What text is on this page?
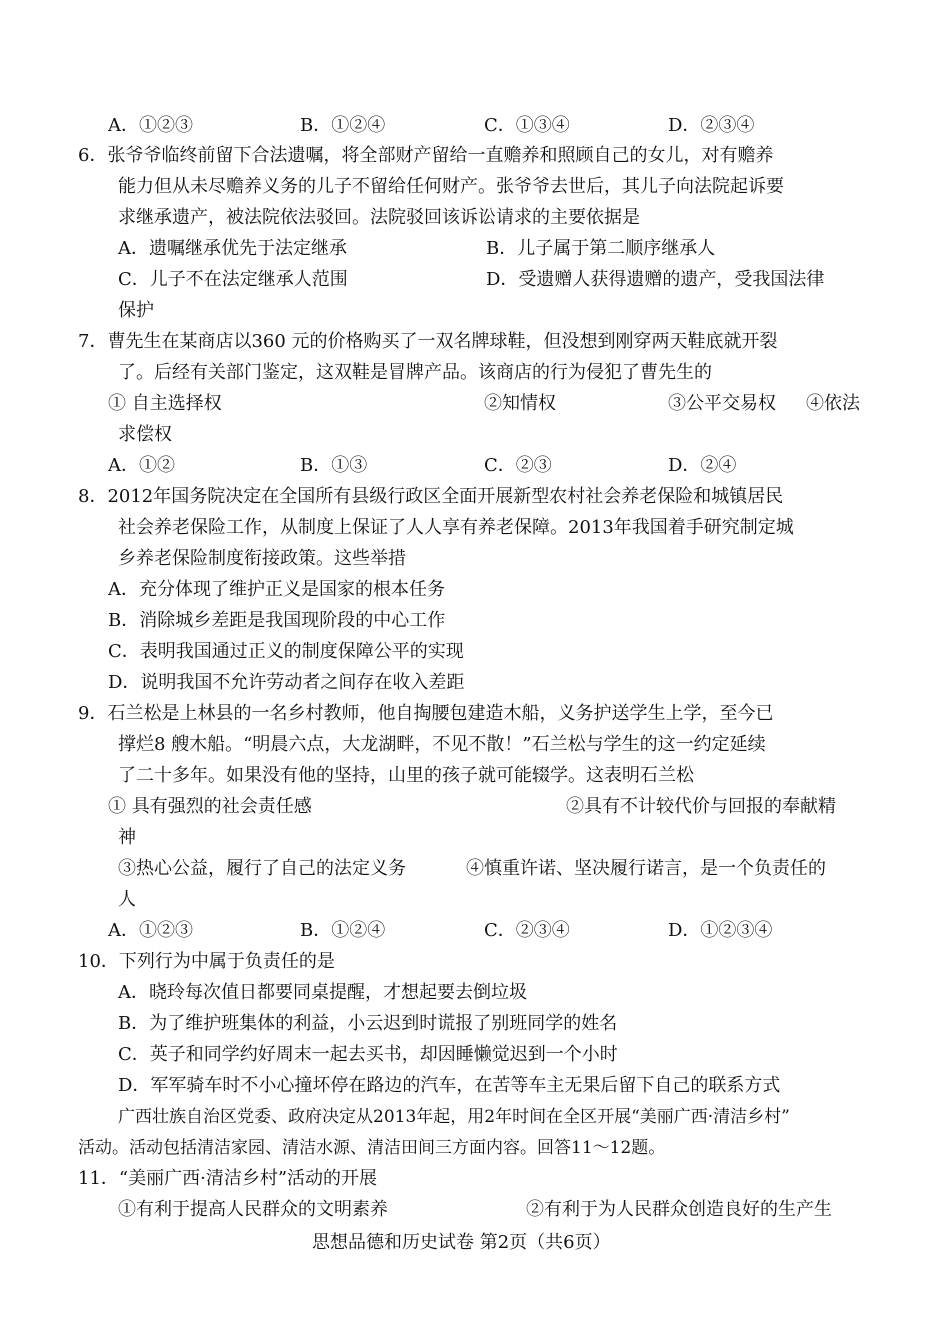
A．①②③	B．①②④	C．①③④	D．②③④
6．张爷爷临终前留下合法遗嘱，将全部财产留给一直赡养和照顾自己的女儿，对有赡养
能力但从未尽赡养义务的儿子不留给任何财产。张爷爷去世后，其儿子向法院起诉要
求继承遗产，被法院依法驳回。法院驳回该诉讼请求的主要依据是
A．遗嘱继承优先于法定继承	B．儿子属于第二顺序继承人
C．儿子不在法定继承人范围	D．受遗赠人获得遗赠的遗产，受我国法律
保护
7．曹先生在某商店以360 元的价格购买了一双名牌球鞋，但没想到刚穿两天鞋底就开裂
了。后经有关部门鉴定，这双鞋是冒牌产品。该商店的行为侵犯了曹先生的
① 自主选择权	②知情权	③公平交易权 ④依法
求偿权
A．①②	B．①③	C．②③	D．②④
8．2012年国务院决定在全国所有县级行政区全面开展新型农村社会养老保险和城镇居民
社会养老保险工作，从制度上保证了人人享有养老保障。2013年我国着手研究制定城
乡养老保险制度衔接政策。这些举措
A．充分体现了维护正义是国家的根本任务
B．消除城乡差距是我国现阶段的中心工作
C．表明我国通过正义的制度保障公平的实现
D．说明我国不允许劳动者之间存在收入差距
9．石兰松是上林县的一名乡村教师，他自掏腰包建造木船，义务护送学生上学，至今已
撑烂8 艘木船。“明晨六点，大龙湖畔，不见不散！”石兰松与学生的这一约定延续
了二十多年。如果没有他的坚持，山里的孩子就可能辍学。这表明石兰松
① 具有强烈的社会责任感	②具有不计较代价与回报的奉献精
神
③热心公益，履行了自己的法定义务	④慎重许诺、坚决履行诺言，是一个负责任的
人
A．①②③	B．①②④	C．②③④	D．①②③④
10．下列行为中属于负责任的是
A．晓玲每次值日都要同桌提醒，才想起要去倒垃圾
B．为了维护班集体的利益，小云迟到时谎报了别班同学的姓名
C．英子和同学约好周末一起去买书，却因睡懒觉迟到一个小时
D．军军骑车时不小心撞坏停在路边的汽车，在苦等车主无果后留下自己的联系方式
广西壮族自治区党委、政府决定从2013年起，用2年时间在全区开展“美丽广西·清洁乡村”
活动。活动包括清洁家园、清洁水源、清洁田间三方面内容。回答11～12题。
11．“美丽广西·清洁乡村”活动的开展
①有利于提高人民群众的文明素养	②有利于为人民群众创造良好的生产生
思想品德和历史试卷 第2页（共6页）
